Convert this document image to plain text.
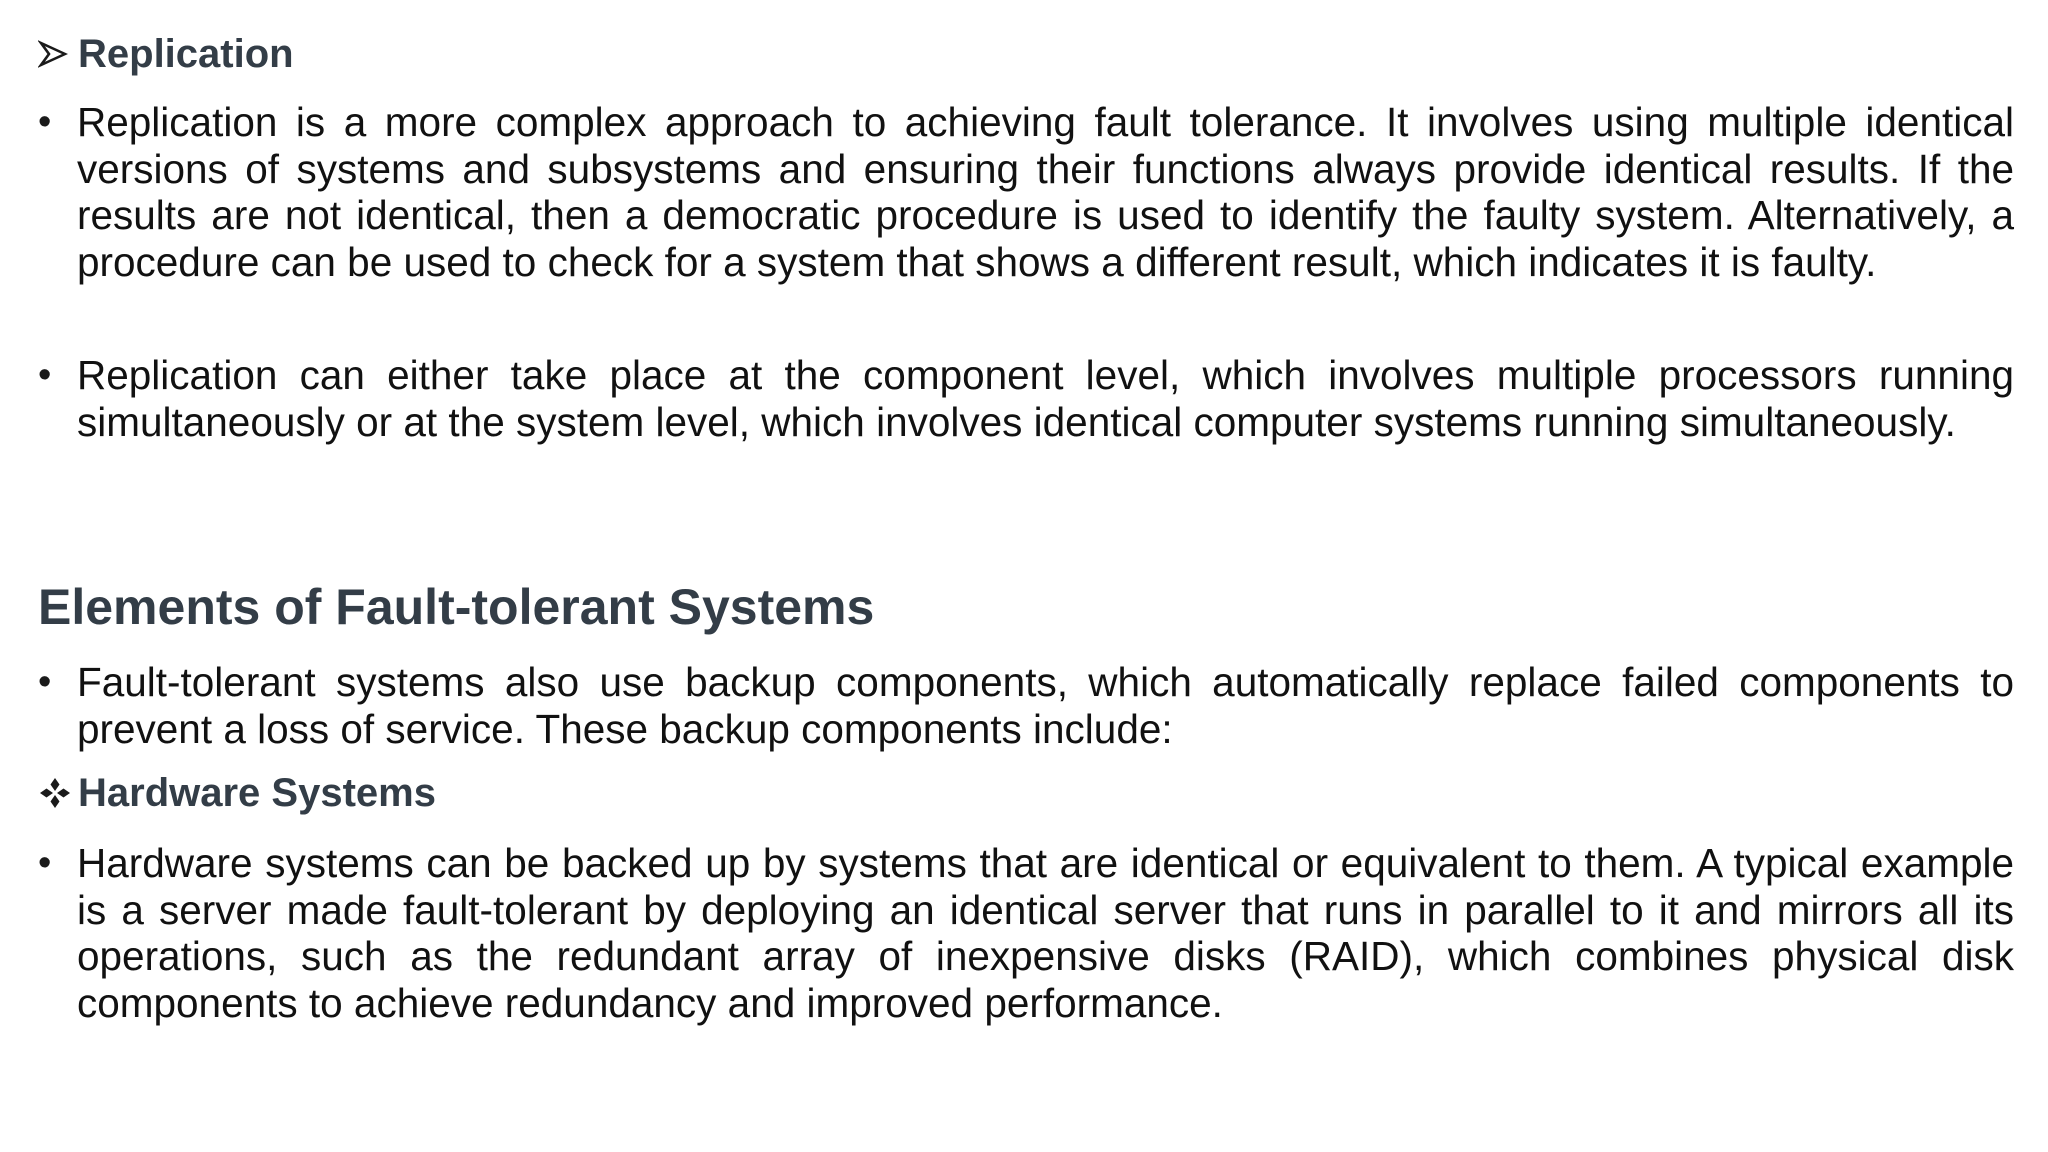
Replication
• Replication is a more complex approach to achieving fault tolerance. It involves using multiple identical versions of systems and subsystems and ensuring their functions always provide identical results. If the results are not identical, then a democratic procedure is used to identify the faulty system. Alternatively, a procedure can be used to check for a system that shows a different result, which indicates it is faulty.
• Replication can either take place at the component level, which involves multiple processors running simultaneously or at the system level, which involves identical computer systems running simultaneously.
Elements of Fault-tolerant Systems
• Fault-tolerant systems also use backup components, which automatically replace failed components to prevent a loss of service. These backup components include:
Hardware Systems
• Hardware systems can be backed up by systems that are identical or equivalent to them. A typical example is a server made fault-tolerant by deploying an identical server that runs in parallel to it and mirrors all its operations, such as the redundant array of inexpensive disks (RAID), which combines physical disk components to achieve redundancy and improved performance.
